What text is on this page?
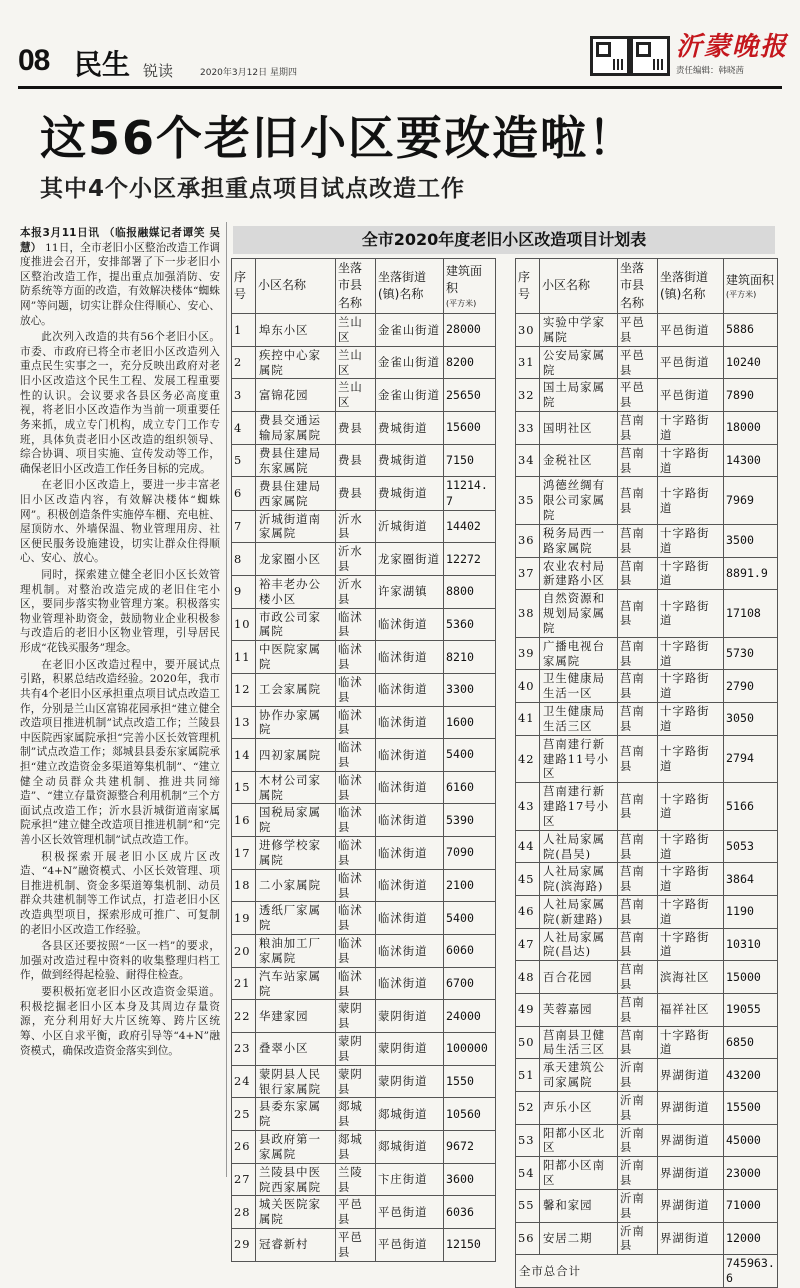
08 民生 锐读	2020年3月12日 星期四
沂蒙晚报
责任编辑：韩晓茜
这56个老旧小区要改造啦！
其中4个小区承担重点项目试点改造工作

本报3月11日讯 （临报融媒记者谭笑 吴慧） 11日，全市老旧小区整治改造工作调度推进会召开，安排部署了下一步老旧小区整治改造工作，提出重点加强消防、安防系统等方面的改造，有效解决楼体“蜘蛛网”等问题，切实让群众住得顺心、安心、放心。

此次列入改造的共有56个老旧小区。市委、市政府已将全市老旧小区改造列入重点民生实事之一，充分反映出政府对老旧小区改造这个民生工程、发展工程重要性的认识。会议要求各县区务必高度重视，将老旧小区改造作为当前一项重要任务来抓，成立专门机构，成立专门工作专班，具体负责老旧小区改造的组织领导、综合协调、项目实施、宣传发动等工作，确保老旧小区改造工作任务目标的完成。

在老旧小区改造上，要进一步丰富老旧小区改造内容，有效解决楼体“蜘蛛网”。积极创造条件实施停车棚、充电桩、屋顶防水、外墙保温、物业管理用房、社区便民服务设施建设，切实让群众住得顺心、安心、放心。

同时，探索建立健全老旧小区长效管理机制。对整治改造完成的老旧住宅小区，要同步落实物业管理方案。积极落实物业管理补助资金，鼓励物业企业积极参与改造后的老旧小区物业管理，引导居民形成“花钱买服务”理念。

在老旧小区改造过程中，要开展试点引路，积累总结改造经验。2020年，我市共有4个老旧小区承担重点项目试点改造工作，分别是兰山区富锦花园承担“建立健全改造项目推进机制”试点改造工作；兰陵县中医院西家属院承担“完善小区长效管理机制”试点改造工作；郯城县县委东家属院承担“建立改造资金多渠道筹集机制”、“建立健全动员群众共建机制、推进共同缔造”、“建立存量资源整合利用机制”三个方面试点改造工作；沂水县沂城街道南家属院承担“建立健全改造项目推进机制”和“完善小区长效管理机制”试点改造工作。

积极探索开展老旧小区成片区改造、“4+N”融资模式、小区长效管理、项目推进机制、资金多渠道筹集机制、动员群众共建机制等工作试点，打造老旧小区改造典型项目，探索形成可推广、可复制的老旧小区改造工作经验。

各县区还要按照“一区一档”的要求，加强对改造过程中资料的收集整理归档工作，做到经得起检验、耐得住检查。

要积极拓宽老旧小区改造资金渠道。积极挖掘老旧小区本身及其周边存量资源，充分利用好大片区统筹、跨片区统筹、小区自求平衡，政府引导等“4+N”融资模式，确保改造资金落实到位。

全市2020年度老旧小区改造项目计划表
序号	小区名称	坐落市县名称	坐落街道(镇)名称	建筑面积
(平方米)

1	埠东小区	兰山区	金雀山街道	28000
2	疾控中心家属院	兰山区	金雀山街道	8200
3	富锦花园	兰山区	金雀山街道	25650
4	费县交通运输局家属院	费县	费城街道	15600
5	费县住建局东家属院	费县	费城街道	7150
6	费县住建局西家属院	费县	费城街道	11214.7
7	沂城街道南家属院	沂水县	沂城街道	14402
8	龙家圈小区	沂水县	龙家圈街道	12272
9	裕丰老办公楼小区	沂水县	许家湖镇	8800
10	市政公司家属院	临沭县	临沭街道	5360
11	中医院家属院	临沭县	临沭街道	8210
12	工会家属院	临沭县	临沭街道	3300
13	协作办家属院	临沭县	临沭街道	1600
14	四初家属院	临沭县	临沭街道	5400
15	木材公司家属院	临沭县	临沭街道	6160
16	国税局家属院	临沭县	临沭街道	5390
17	进修学校家属院	临沭县	临沭街道	7090
18	二小家属院	临沭县	临沭街道	2100
19	透纸厂家属院	临沭县	临沭街道	5400
20	粮油加工厂家属院	临沭县	临沭街道	6060
21	汽车站家属院	临沭县	临沭街道	6700
22	华建家园	蒙阴县	蒙阴街道	24000
23	叠翠小区	蒙阴县	蒙阴街道	100000
24	蒙阴县人民银行家属院	蒙阴县	蒙阴街道	1550
25	县委东家属院	郯城县	郯城街道	10560
26	县政府第一家属院	郯城县	郯城街道	9672
27	兰陵县中医院西家属院	兰陵县	卞庄街道	3600
28	城关医院家属院	平邑县	平邑街道	6036
29	冠睿新村	平邑县	平邑街道	12150
序号	小区名称	坐落市县名称	坐落街道(镇)名称	建筑面积
(平方米)

30	实验中学家属院	平邑县	平邑街道	5886
31	公安局家属院	平邑县	平邑街道	10240
32	国土局家属院	平邑县	平邑街道	7890
33	国明社区	莒南县	十字路街道	18000
34	金税社区	莒南县	十字路街道	14300
35	鸿德丝绸有限公司家属院	莒南县	十字路街道	7969
36	税务局西一路家属院	莒南县	十字路街道	3500
37	农业农村局新建路小区	莒南县	十字路街道	8891.9
38	自然资源和规划局家属院	莒南县	十字路街道	17108
39	广播电视台家属院	莒南县	十字路街道	5730
40	卫生健康局生活一区	莒南县	十字路街道	2790
41	卫生健康局生活三区	莒南县	十字路街道	3050
42	莒南建行新建路11号小区	莒南县	十字路街道	2794
43	莒南建行新建路17号小区	莒南县	十字路街道	5166
44	人社局家属院(昌吴)	莒南县	十字路街道	5053
45	人社局家属院(滨海路)	莒南县	十字路街道	3864
46	人社局家属院(新建路)	莒南县	十字路街道	1190
47	人社局家属院(昌达)	莒南县	十字路街道	10310
48	百合花园	莒南县	滨海社区	15000
49	芙蓉嘉园	莒南县	福祥社区	19055
50	莒南县卫健局生活三区	莒南县	十字路街道	6850
51	承天建筑公司家属院	沂南县	界湖街道	43200
52	声乐小区	沂南县	界湖街道	15500
53	阳都小区北区	沂南县	界湖街道	45000
54	阳都小区南区	沂南县	界湖街道	23000
55	馨和家园	沂南县	界湖街道	71000
56	安居二期	沂南县	界湖街道	12000
全市总合计				745963.6
